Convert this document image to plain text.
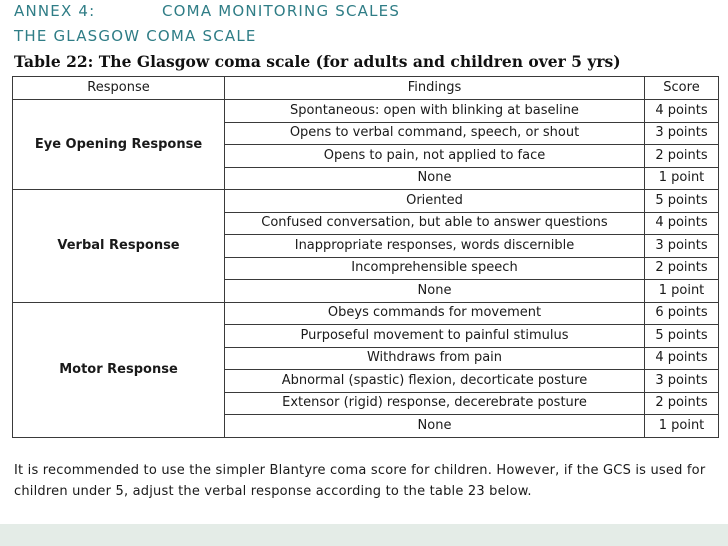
ANNEX 4:	COMA MONITORING SCALES
THE GLASGOW COMA SCALE
Table 22: The Glasgow coma scale (for adults and children over 5 yrs)
Response	Findings	Score
Eye Opening Response	Spontaneous: open with blinking at baseline	4 points
	Opens to verbal command, speech, or shout	3 points
	Opens to pain, not applied to face	2 points
	None	1 point
Verbal Response	Oriented	5 points
	Confused conversation, but able to answer questions	4 points
	Inappropriate responses, words discernible	3 points
	Incomprehensible speech	2 points
	None	1 point
Motor Response	Obeys commands for movement	6 points
	Purposeful movement to painful stimulus	5 points
	Withdraws from pain	4 points
	Abnormal (spastic) flexion, decorticate posture	3 points
	Extensor (rigid) response, decerebrate posture	2 points
	None	1 point
It is recommended to use the simpler Blantyre coma score for children. However, if the GCS is used for children under 5, adjust the verbal response according to the table 23 below.
